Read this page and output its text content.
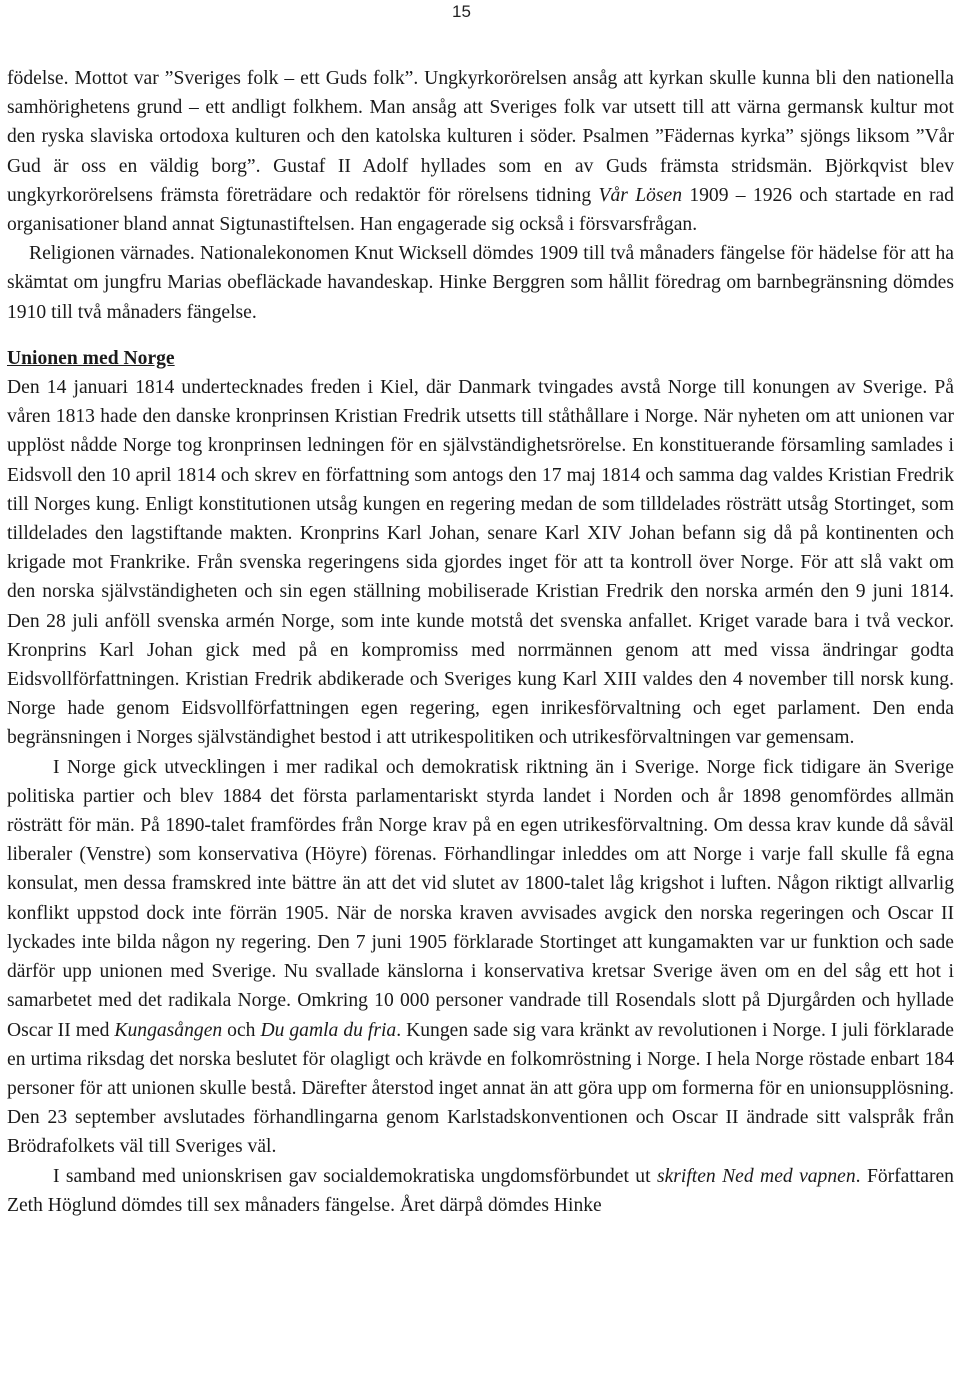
15

födelse. Mottot var ”Sveriges folk – ett Guds folk”. Ungkyrkorörelsen ansåg att kyrkan skulle kunna bli den nationella samhörighetens grund – ett andligt folkhem. Man ansåg att Sveriges folk var utsett till att värna germansk kultur mot den ryska slaviska ortodoxa kulturen och den katolska kulturen i söder. Psalmen ”Fädernas kyrka” sjöngs liksom ”Vår Gud är oss en väldig borg”. Gustaf II Adolf hyllades som en av Guds främsta stridsmän. Björkqvist blev ungkyrkorörelsens främsta företrädare och redaktör för rörelsens tidning Vår Lösen 1909 – 1926 och startade en rad organisationer bland annat Sigtunastiftelsen. Han engagerade sig också i försvarsfrågan.

Religionen värnades. Nationalekonomen Knut Wicksell dömdes 1909 till två månaders fängelse för hädelse för att ha skämtat om jungfru Marias obefläckade havandeskap. Hinke Berggren som hållit föredrag om barnbegränsning dömdes 1910 till två månaders fängelse.

Unionen med Norge

Den 14 januari 1814 undertecknades freden i Kiel, där Danmark tvingades avstå Norge till konungen av Sverige. På våren 1813 hade den danske kronprinsen Kristian Fredrik utsetts till ståthållare i Norge. När nyheten om att unionen var upplöst nådde Norge tog kronprinsen ledningen för en självständighetsrörelse. En konstituerande församling samlades i Eidsvoll den 10 april 1814 och skrev en författning som antogs den 17 maj 1814 och samma dag valdes Kristian Fredrik till Norges kung. Enligt konstitutionen utsåg kungen en regering medan de som tilldelades rösträtt utsåg Stortinget, som tilldelades den lagstiftande makten. Kronprins Karl Johan, senare Karl XIV Johan befann sig då på kontinenten och krigade mot Frankrike. Från svenska regeringens sida gjordes inget för att ta kontroll över Norge. För att slå vakt om den norska självständigheten och sin egen ställning mobiliserade Kristian Fredrik den norska armén den 9 juni 1814. Den 28 juli anföll svenska armén Norge, som inte kunde motstå det svenska anfallet. Kriget varade bara i två veckor. Kronprins Karl Johan gick med på en kompromiss med norrmännen genom att med vissa ändringar godta Eidsvollförfattningen. Kristian Fredrik abdikerade och Sveriges kung Karl XIII valdes den 4 november till norsk kung. Norge hade genom Eidsvollförfattningen egen regering, egen inrikesförvaltning och eget parlament. Den enda begränsningen i Norges självständighet bestod i att utrikespolitiken och utrikesförvaltningen var gemensam.

I Norge gick utvecklingen i mer radikal och demokratisk riktning än i Sverige. Norge fick tidigare än Sverige politiska partier och blev 1884 det första parlamentariskt styrda landet i Norden och år 1898 genomfördes allmän rösträtt för män. På 1890-talet framfördes från Norge krav på en egen utrikesförvaltning. Om dessa krav kunde då såväl liberaler (Venstre) som konservativa (Höyre) förenas. Förhandlingar inleddes om att Norge i varje fall skulle få egna konsulat, men dessa framskred inte bättre än att det vid slutet av 1800-talet låg krigshot i luften. Någon riktigt allvarlig konflikt uppstod dock inte förrän 1905. När de norska kraven avvisades avgick den norska regeringen och Oscar II lyckades inte bilda någon ny regering. Den 7 juni 1905 förklarade Stortinget att kungamakten var ur funktion och sade därför upp unionen med Sverige. Nu svallade känslorna i konservativa kretsar Sverige även om en del såg ett hot i samarbetet med det radikala Norge. Omkring 10 000 personer vandrade till Rosendals slott på Djurgården och hyllade Oscar II med Kungasången och Du gamla du fria. Kungen sade sig vara kränkt av revolutionen i Norge. I juli förklarade en urtima riksdag det norska beslutet för olagligt och krävde en folkomröstning i Norge. I hela Norge röstade enbart 184 personer för att unionen skulle bestå. Därefter återstod inget annat än att göra upp om formerna för en unionsupplösning. Den 23 september avslutades förhandlingarna genom Karlstadskonventionen och Oscar II ändrade sitt valspråk från Brödrafolkets väl till Sveriges väl.

I samband med unionskrisen gav socialdemokratiska ungdomsförbundet ut skriften Ned med vapnen. Författaren Zeth Höglund dömdes till sex månaders fängelse. Året därpå dömdes Hinke
